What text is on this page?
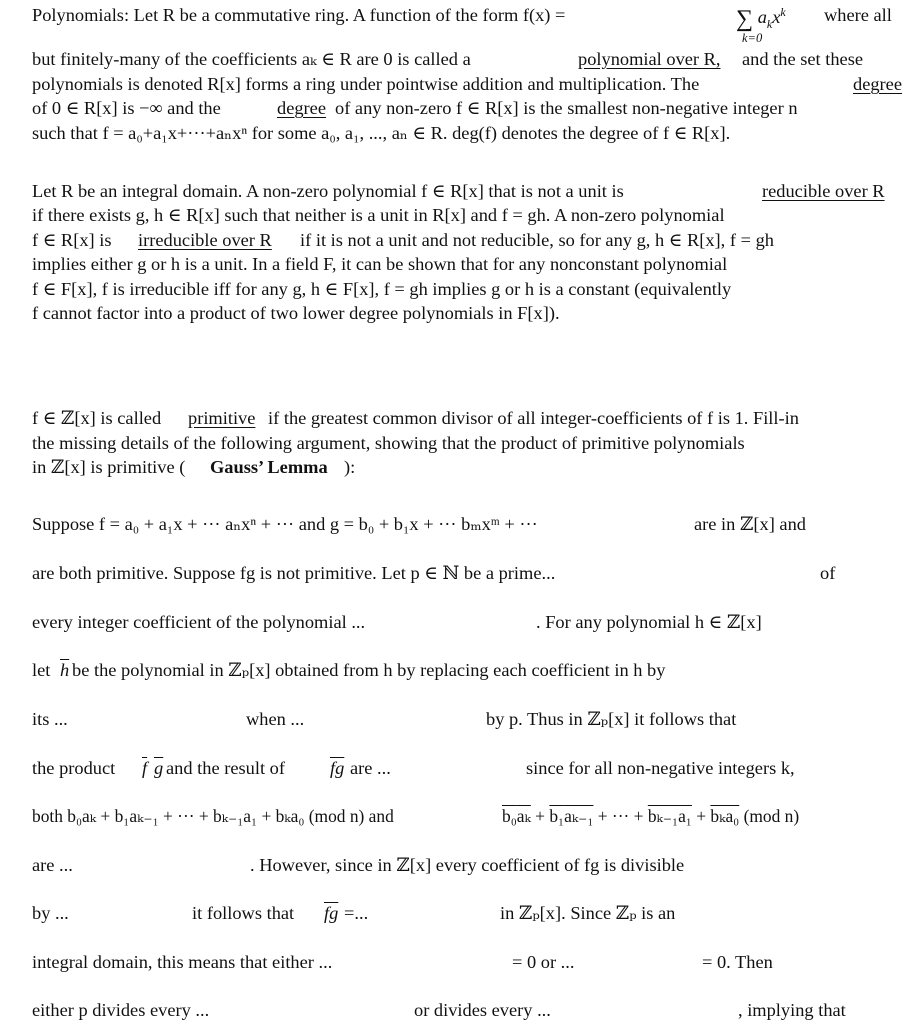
Polynomials: Let R be a commutative ring. A function of the form f(x) =	∑ $a_kx^k$ where all
k=0
but finitely-many of the coefficients aₖ ∈ R are 0 is called a	polynomial over R, and the set these
polynomials is denoted R[x] forms a ring under pointwise addition and multiplication. The	degree
of 0 ∈ R[x] is −∞ and the	degree of any non-zero f ∈ R[x] is the smallest non-negative integer n
such that f = a₀+a₁x+···+aₙxⁿ for some a₀, a₁, ..., aₙ ∈ R. deg(f) denotes the degree of f ∈ R[x].
Let R be an integral domain. A non-zero polynomial f ∈ R[x] that is not a unit is	reducible over R
if there exists g, h ∈ R[x] such that neither is a unit in R[x] and f = gh. A non-zero polynomial
f ∈ R[x] is irreducible over R if it is not a unit and not reducible, so for any g, h ∈ R[x], f = gh
implies either g or h is a unit. In a field F, it can be shown that for any nonconstant polynomial
f ∈ F[x], f is irreducible iff for any g, h ∈ F[x], f = gh implies g or h is a constant (equivalently
f cannot factor into a product of two lower degree polynomials in F[x]).
f ∈ ℤ[x] is called primitive if the greatest common divisor of all integer-coefficients of f is 1. Fill-in
the missing details of the following argument, showing that the product of primitive polynomials
in ℤ[x] is primitive ( Gauss’ Lemma ):
Suppose f = a₀ + a₁x + ··· aₙxⁿ + ··· and g = b₀ + b₁x + ··· bₘxᵐ + ···	are in ℤ[x] and
are both primitive. Suppose fg is not primitive. Let p ∈ ℕ be a prime...	of
every integer coefficient of the polynomial ...	. For any polynomial h ∈ ℤ[x]
let $\overline{h}$ be the polynomial in ℤₚ[x] obtained from h by replacing each coefficient in h by
its ...	when ...	by p. Thus in ℤₚ[x] it follows that
the product $\overline{f}$ $\overline{g}$ and the result of $\overline{fg}$ are ...	since for all non-negative integers k,
both b₀aₖ + b₁aₖ₋₁ + ··· + bₖ₋₁a₁ + bₖa₀ (mod n) and	$b_0\overline{a_k} + b_1a_{k-1}$ + ··· + $b_{k-1}a_1 + \overline{b_k}a_0$ (mod n)
are ...	. However, since in ℤ[x] every coefficient of fg is divisible
by ...	it follows that $\overline{fg}$ =...	in ℤₚ[x]. Since ℤₚ is an
integral domain, this means that either ...	= 0 or ...	= 0. Then
either p divides every ...	or divides every ...	, implying that
